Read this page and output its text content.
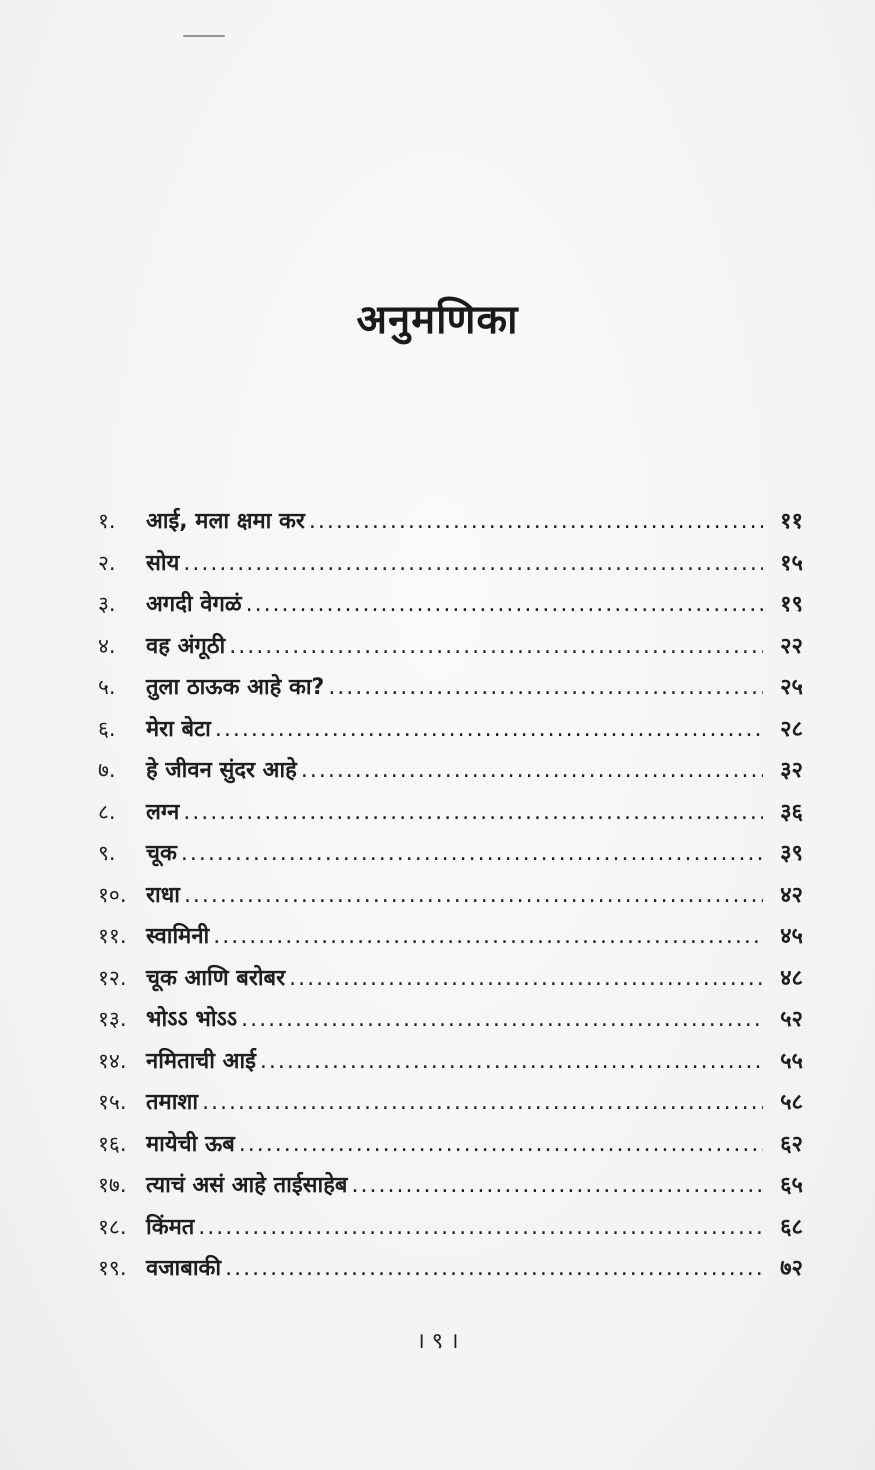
अनुमणिका
१.	आई, मला क्षमा कर .....	११
२.	सोय .....	१५
३.	अगदी वेगळं .....	१९
४.	वह अंगूठी .....	२२
५.	तुला ठाऊक आहे का? .....	२५
६.	मेरा बेटा .....	२८
७.	हे जीवन सुंदर आहे .....	३२
८.	लग्न .....	३६
९.	चूक .....	३९
१०. राधा .....	४२
११. स्वामिनी .....	४५
१२. चूक आणि बरोबर .....	४८
१३. भोऽऽ भोऽऽ .....	५२
१४. नमिताची आई .....	५५
१५. तमाशा .....	५८
१६. मायेची ऊब .....	६२
१७. त्याचं असं आहे ताईसाहेब .....	६५
१८. किंमत .....	६८
१९. वजाबाकी .....	७२
। ९ ।
